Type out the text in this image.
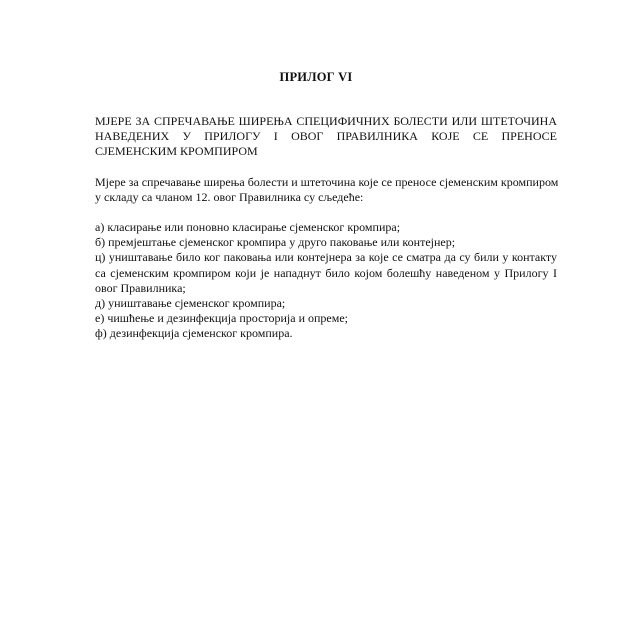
ПРИЛОГ VI
МЈЕРЕ ЗА СПРЕЧАВАЊЕ ШИРЕЊА СПЕЦИФИЧНИХ БОЛЕСТИ ИЛИ ШТЕТОЧИНА
НАВЕДЕНИХ У ПРИЛОГУ I ОВОГ ПРАВИЛНИКА КОЈЕ СЕ ПРЕНОСЕ
СЈЕМЕНСКИМ КРОМПИРОМ
Мјере за спречавање ширења болести и штеточина које се преносе сјеменским кромпиром
у складу са чланом 12. овог Правилника су сљедеће:
а) класирање или поновно класирање сјеменског кромпира;
б) премјештање сјеменског кромпира у друго паковање или контејнер;
ц) уништавање било ког паковања или контејнера за које се сматра да су били у контакту
са сјеменским кромпиром који је нападнут било којом болешћу наведеном у Прилогу I
овог Правилника;
д) уништавање сјеменског кромпира;
е) чишћење и дезинфекција просторија и опреме;
ф) дезинфекција сјеменског кромпира.
